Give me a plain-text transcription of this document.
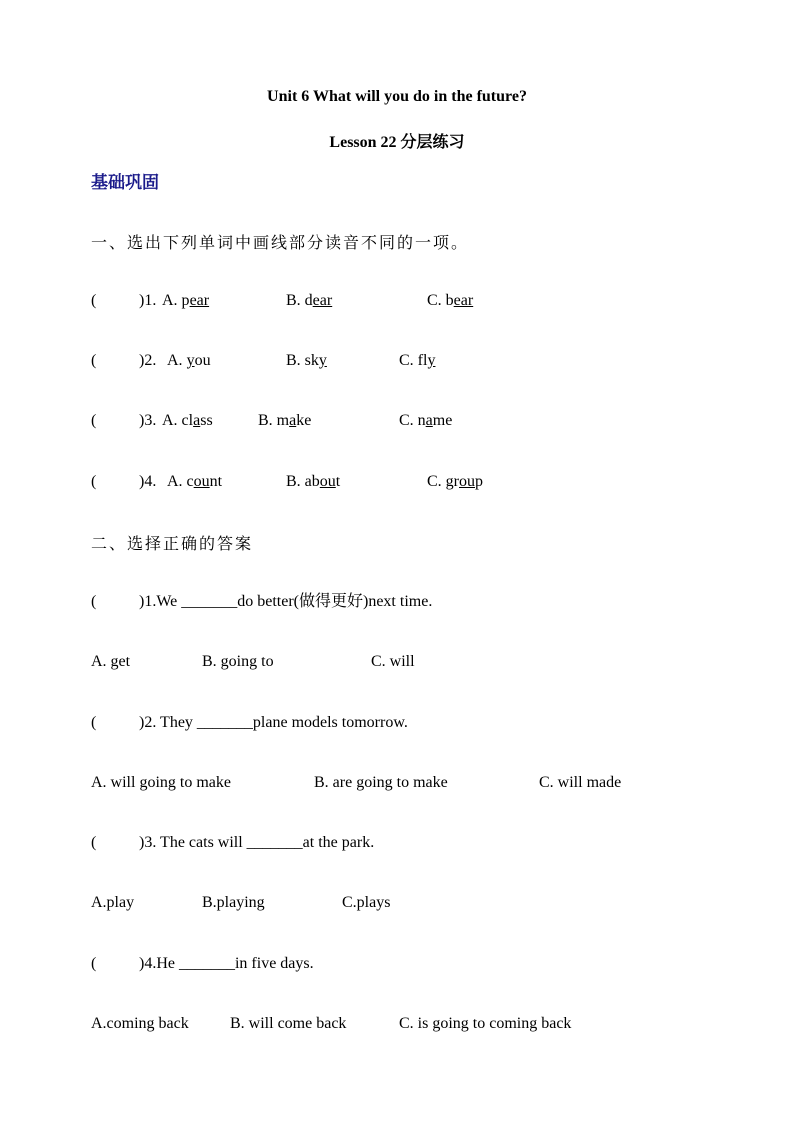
Unit 6 What will you do in the future?
Lesson 22 分层练习
基础巩固
一、选出下列单词中画线部分读音不同的一项。
(	)1. A. pear	B. dear	C. bear
(	)2. A. you	B. sky	C. fly
(	)3. A. class	B. make	C. name
(	)4. A. count	B. about	C. group
二、选择正确的答案
(	)1.We _______do better(做得更好)next time.
A. get	B. going to	C. will
(	)2. They _______plane models tomorrow.
A. will going to make	B. are going to make	C. will made
(	)3. The cats will _______at the park.
A.play	B.playing	C.plays
(	)4.He _______in five days.
A.coming back	B. will come back	C. is going to coming back
